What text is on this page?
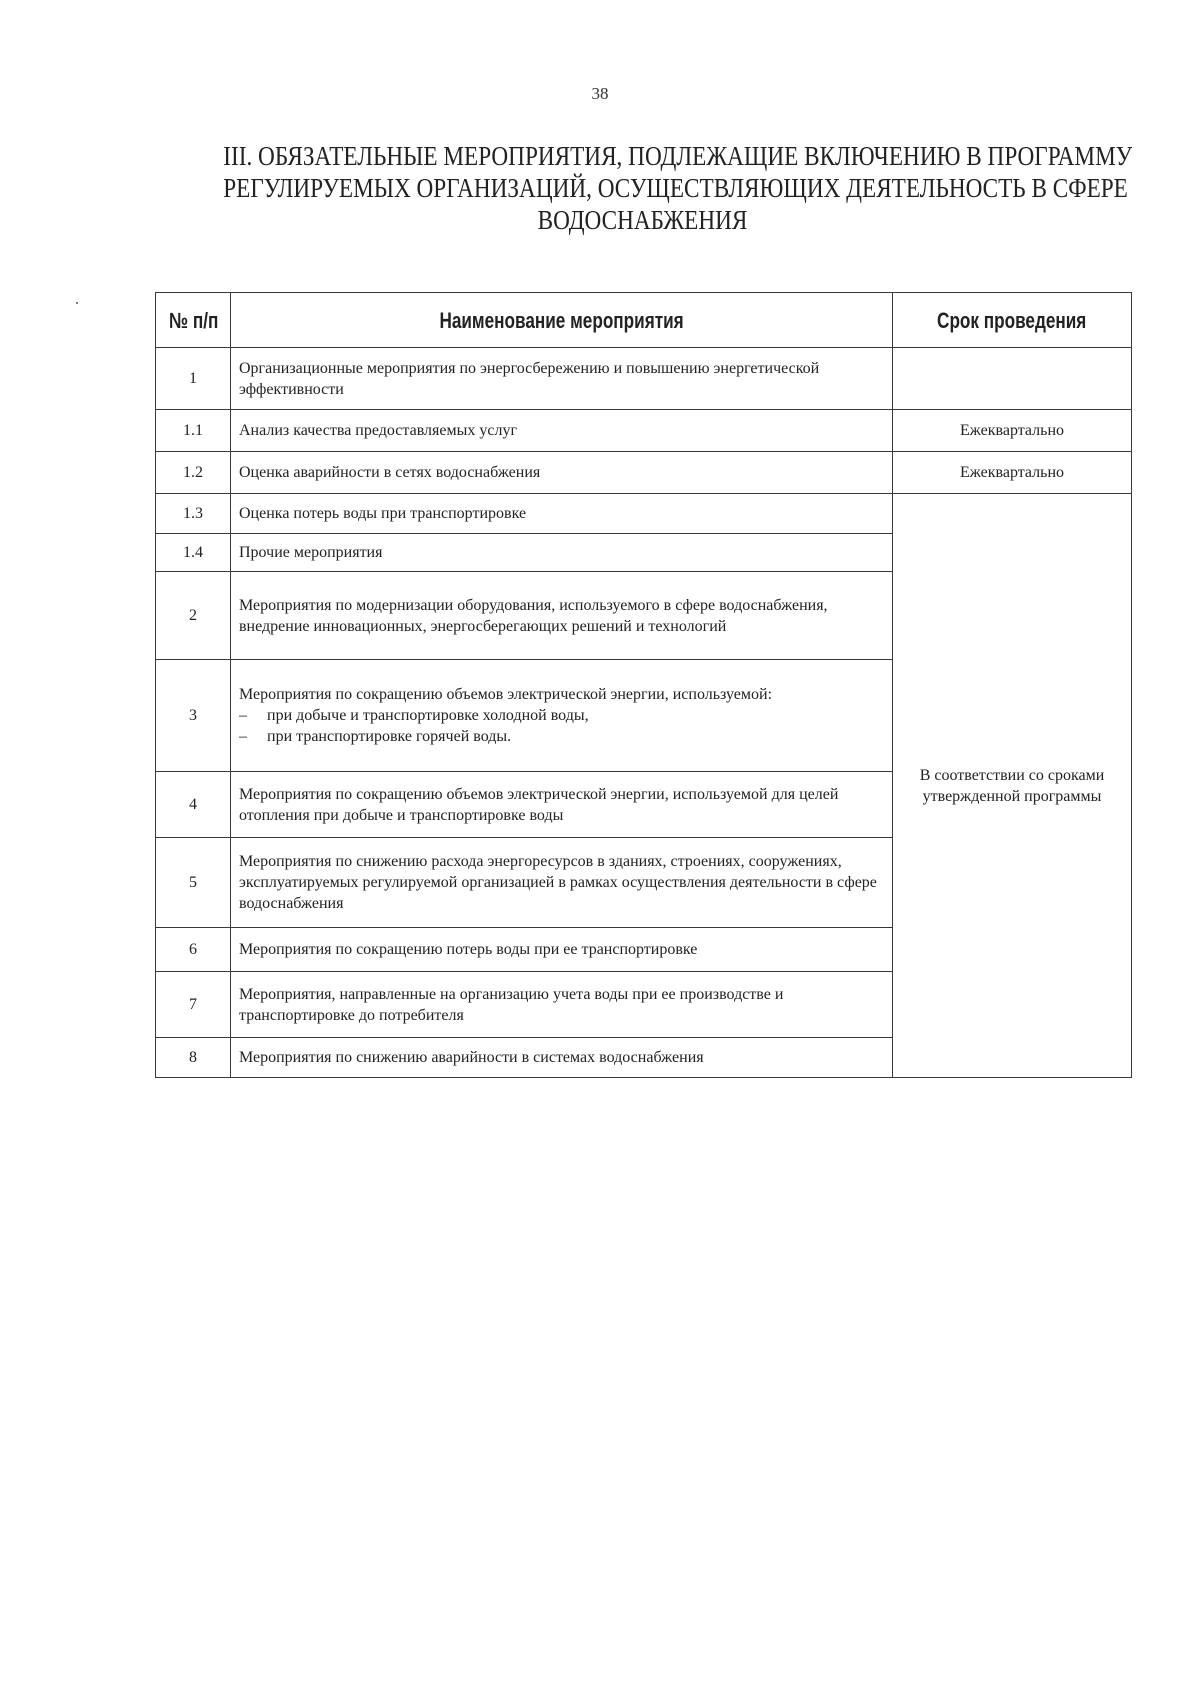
38
III. ОБЯЗАТЕЛЬНЫЕ МЕРОПРИЯТИЯ, ПОДЛЕЖАЩИЕ ВКЛЮЧЕНИЮ В ПРОГРАММУ
РЕГУЛИРУЕМЫХ ОРГАНИЗАЦИЙ, ОСУЩЕСТВЛЯЮЩИХ ДЕЯТЕЛЬНОСТЬ В СФЕРЕ
ВОДОСНАБЖЕНИЯ
№ п/п	Наименование мероприятия	Срок проведения
1	Организационные мероприятия по энергосбережению и повышению энергетической эффективности	
1.1	Анализ качества предоставляемых услуг	Ежеквартально
1.2	Оценка аварийности в сетях водоснабжения	Ежеквартально
1.3	Оценка потерь воды при транспортировке	В соответствии со сроками утвержденной программы
1.4	Прочие мероприятия	
2	Мероприятия по модернизации оборудования, используемого в сфере водоснабжения, внедрение инновационных, энергосберегающих решений и технологий	
3	Мероприятия по сокращению объемов электрической энергии, используемой:
– при добыче и транспортировке холодной воды,
– при транспортировке горячей воды.	

4	Мероприятия по сокращению объемов электрической энергии, используемой для целей отопления при добыче и транспортировке воды	
5	Мероприятия по снижению расхода энергоресурсов в зданиях, строениях, сооружениях, эксплуатируемых регулируемой организацией в рамках осуществления деятельности в сфере водоснабжения	
6	Мероприятия по сокращению потерь воды при ее транспортировке	
7	Мероприятия, направленные на организацию учета воды при ее производстве и транспортировке до потребителя	
8	Мероприятия по снижению аварийности в системах водоснабжения	
